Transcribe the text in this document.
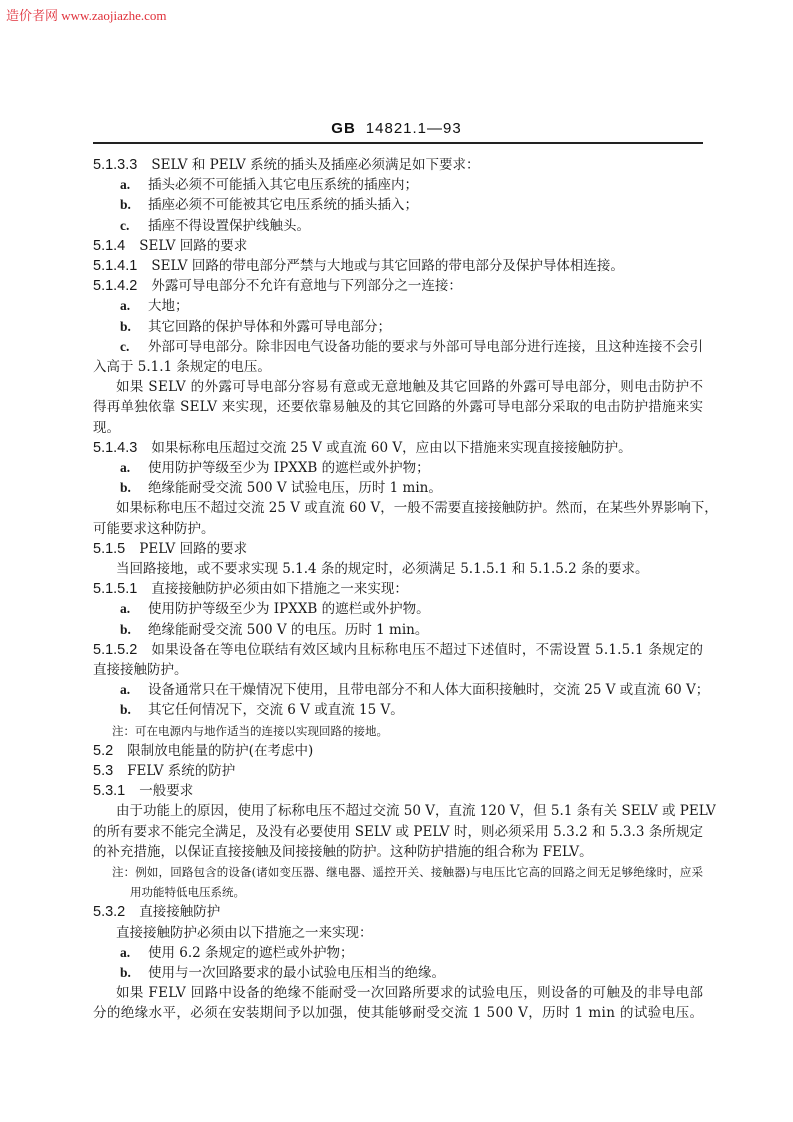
造价者网 www.zaojiazhe.com
GB 14821.1—93
5.1.3.3 SELV 和 PELV 系统的插头及插座必须满足如下要求：
a. 插头必须不可能插入其它电压系统的插座内；
b. 插座必须不可能被其它电压系统的插头插入；
c. 插座不得设置保护线触头。
5.1.4 SELV 回路的要求
5.1.4.1 SELV 回路的带电部分严禁与大地或与其它回路的带电部分及保护导体相连接。
5.1.4.2 外露可导电部分不允许有意地与下列部分之一连接：
a. 大地；
b. 其它回路的保护导体和外露可导电部分；
c. 外部可导电部分。除非因电气设备功能的要求与外部可导电部分进行连接，且这种连接不会引
入高于 5.1.1 条规定的电压。
如果 SELV 的外露可导电部分容易有意或无意地触及其它回路的外露可导电部分，则电击防护不
得再单独依靠 SELV 来实现，还要依靠易触及的其它回路的外露可导电部分采取的电击防护措施来实
现。
5.1.4.3 如果标称电压超过交流 25 V 或直流 60 V，应由以下措施来实现直接接触防护。
a. 使用防护等级至少为 IPXXB 的遮栏或外护物；
b. 绝缘能耐受交流 500 V 试验电压，历时 1 min。
如果标称电压不超过交流 25 V 或直流 60 V，一般不需要直接接触防护。然而，在某些外界影响下，
可能要求这种防护。
5.1.5 PELV 回路的要求
当回路接地，或不要求实现 5.1.4 条的规定时，必须满足 5.1.5.1 和 5.1.5.2 条的要求。
5.1.5.1 直接接触防护必须由如下措施之一来实现：
a. 使用防护等级至少为 IPXXB 的遮栏或外护物。
b. 绝缘能耐受交流 500 V 的电压。历时 1 min。
5.1.5.2 如果设备在等电位联结有效区域内且标称电压不超过下述值时，不需设置 5.1.5.1 条规定的
直接接触防护。
a. 设备通常只在干燥情况下使用，且带电部分不和人体大面积接触时，交流 25 V 或直流 60 V；
b. 其它任何情况下，交流 6 V 或直流 15 V。
注：可在电源内与地作适当的连接以实现回路的接地。
5.2 限制放电能量的防护(在考虑中)
5.3 FELV 系统的防护
5.3.1 一般要求
由于功能上的原因，使用了标称电压不超过交流 50 V，直流 120 V，但 5.1 条有关 SELV 或 PELV
的所有要求不能完全满足，及没有必要使用 SELV 或 PELV 时，则必须采用 5.3.2 和 5.3.3 条所规定
的补充措施，以保证直接接触及间接接触的防护。这种防护措施的组合称为 FELV。
注：例如，回路包含的设备(诸如变压器、继电器、遥控开关、接触器)与电压比它高的回路之间无足够绝缘时，应采
用功能特低电压系统。
5.3.2 直接接触防护
直接接触防护必须由以下措施之一来实现：
a. 使用 6.2 条规定的遮栏或外护物；
b. 使用与一次回路要求的最小试验电压相当的绝缘。
如果 FELV 回路中设备的绝缘不能耐受一次回路所要求的试验电压，则设备的可触及的非导电部
分的绝缘水平，必须在安装期间予以加强，使其能够耐受交流 1 500 V，历时 1 min 的试验电压。
